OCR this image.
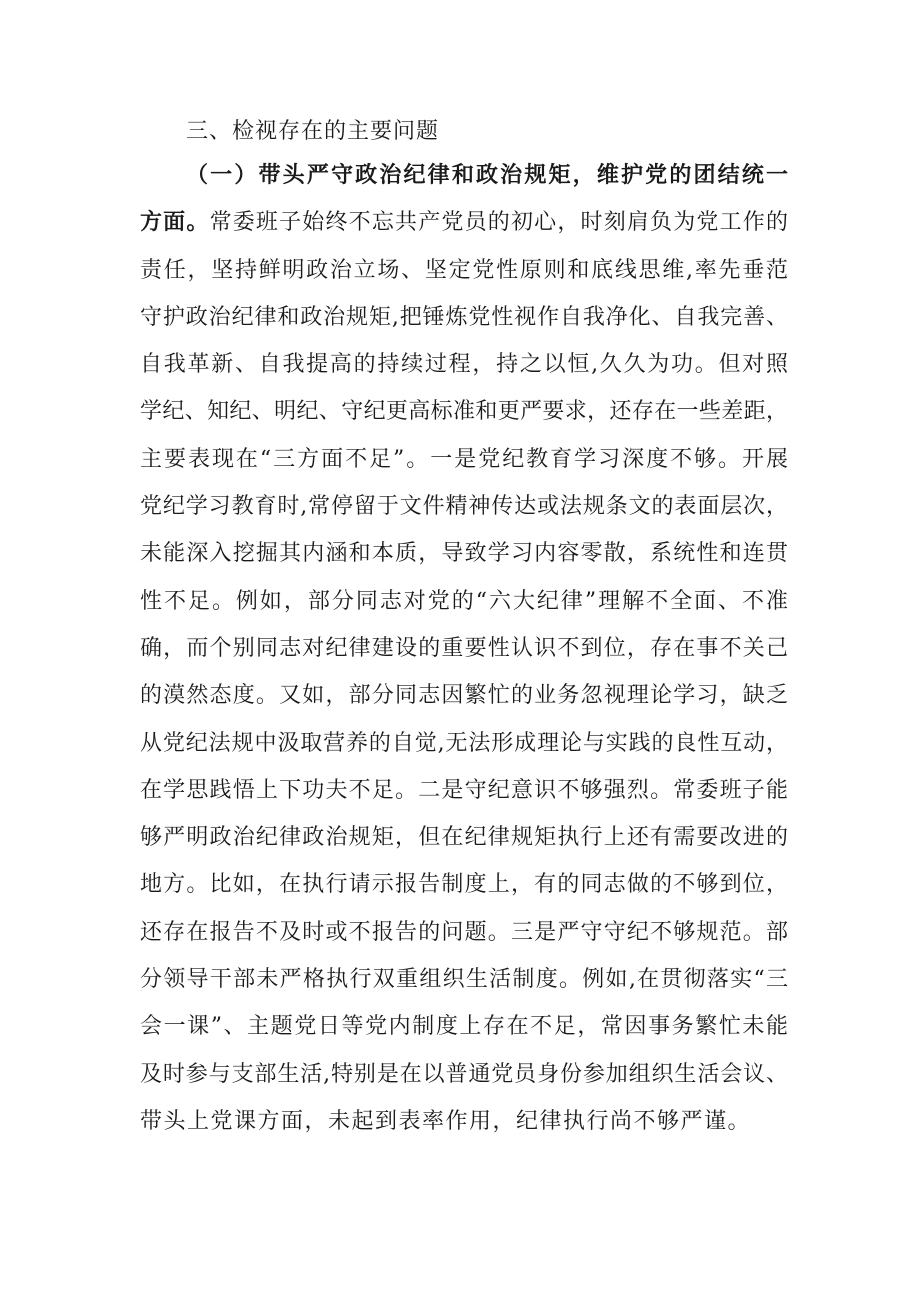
三、检视存在的主要问题
（一）带头严守政治纪律和政治规矩，维护党的团结统一
方面。常委班子始终不忘共产党员的初心，时刻肩负为党工作的
责任，坚持鲜明政治立场、坚定党性原则和底线思维,率先垂范
守护政治纪律和政治规矩,把锤炼党性视作自我净化、自我完善、
自我革新、自我提高的持续过程，持之以恒,久久为功。但对照
学纪、知纪、明纪、守纪更高标准和更严要求，还存在一些差距，
主要表现在“三方面不足”。一是党纪教育学习深度不够。开展
党纪学习教育时,常停留于文件精神传达或法规条文的表面层次，
未能深入挖掘其内涵和本质，导致学习内容零散，系统性和连贯
性不足。例如，部分同志对党的“六大纪律”理解不全面、不准
确，而个别同志对纪律建设的重要性认识不到位，存在事不关己
的漠然态度。又如，部分同志因繁忙的业务忽视理论学习，缺乏
从党纪法规中汲取营养的自觉,无法形成理论与实践的良性互动，
在学思践悟上下功夫不足。二是守纪意识不够强烈。常委班子能
够严明政治纪律政治规矩，但在纪律规矩执行上还有需要改进的
地方。比如，在执行请示报告制度上，有的同志做的不够到位，
还存在报告不及时或不报告的问题。三是严守守纪不够规范。部
分领导干部未严格执行双重组织生活制度。例如,在贯彻落实“三
会一课”、主题党日等党内制度上存在不足，常因事务繁忙未能
及时参与支部生活,特别是在以普通党员身份参加组织生活会议、
带头上党课方面，未起到表率作用，纪律执行尚不够严谨。
